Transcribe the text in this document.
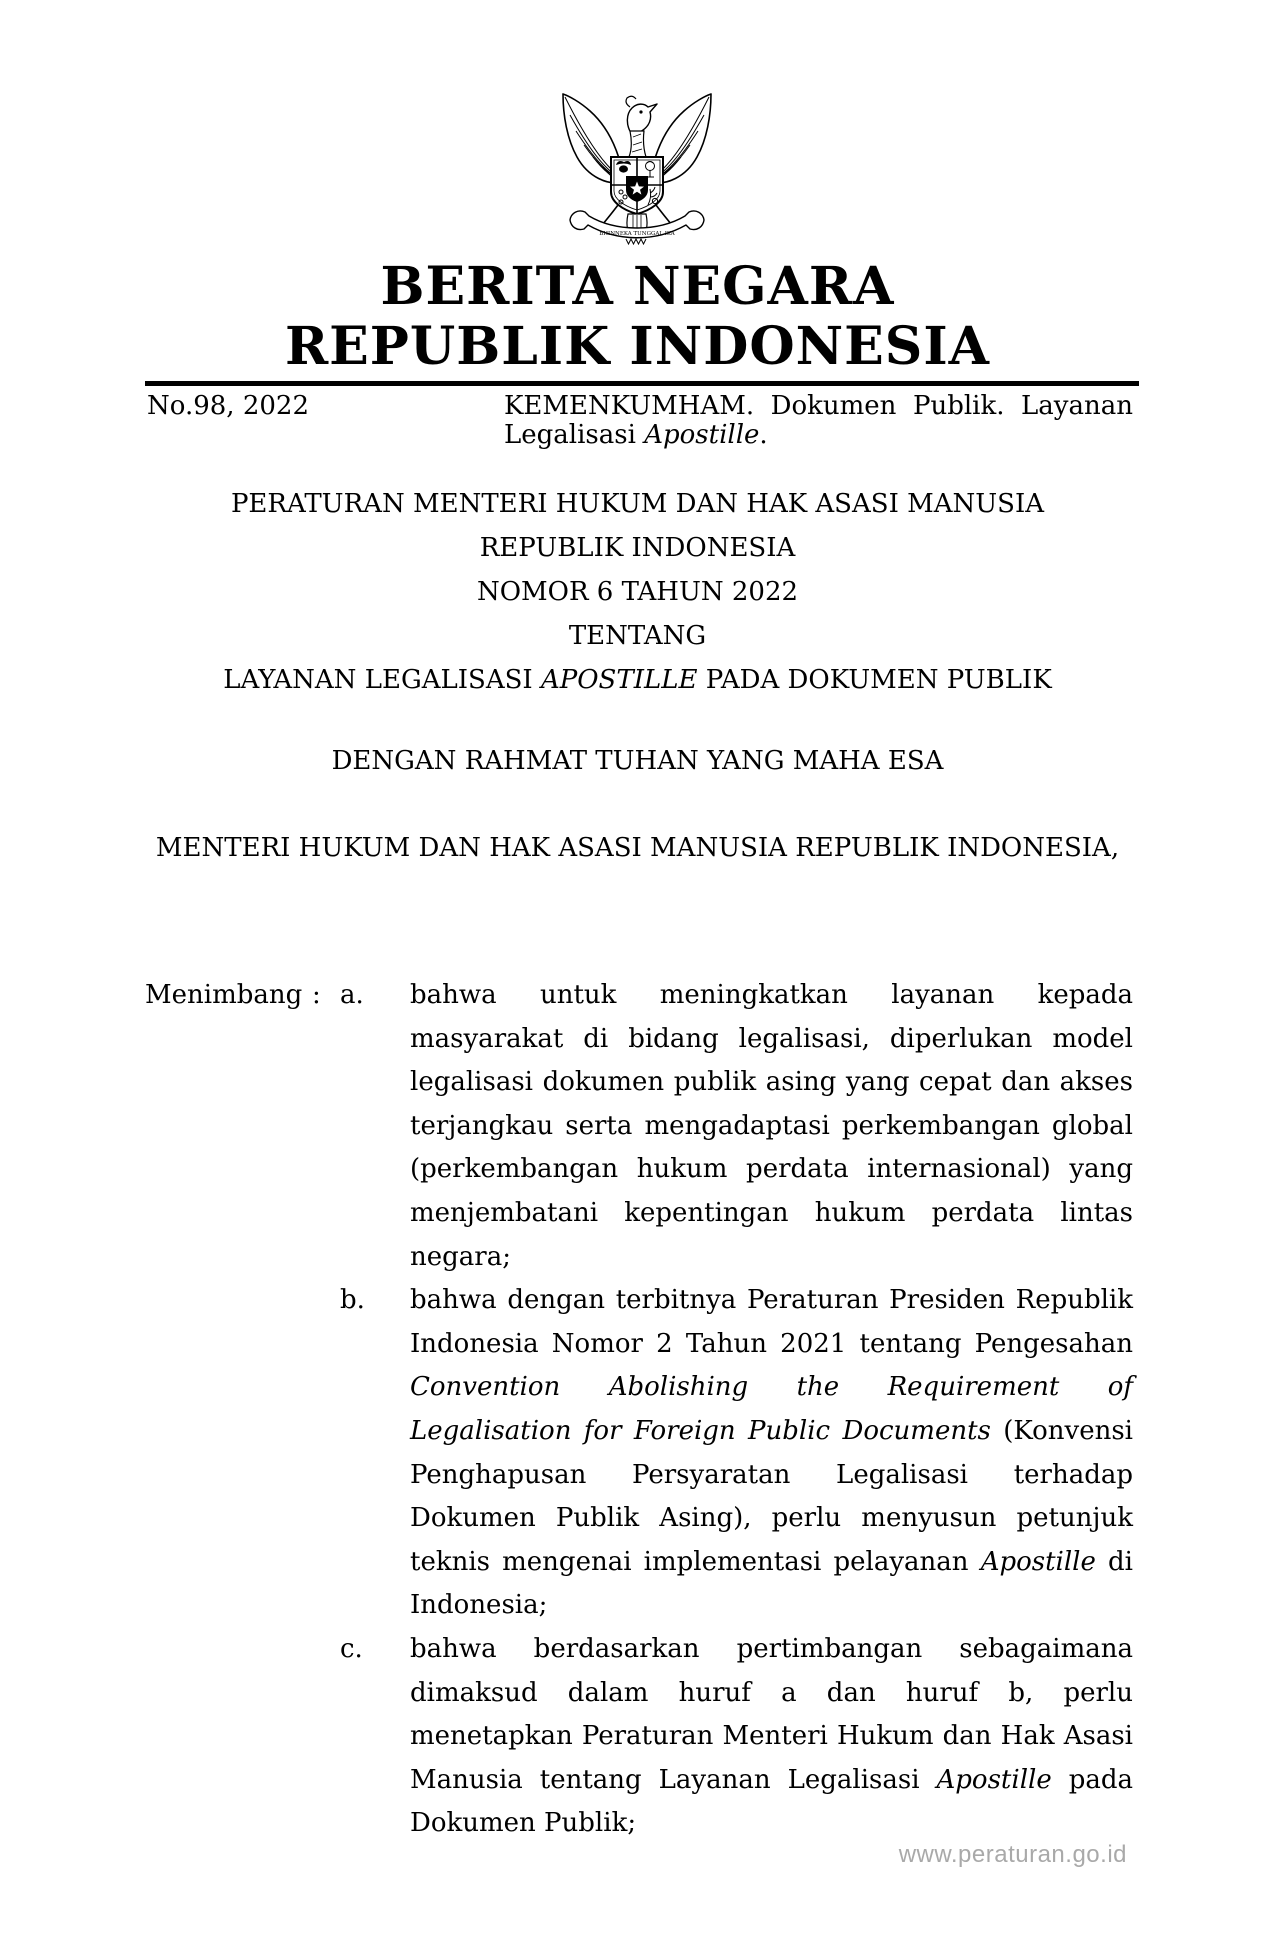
BHINNEKA TUNGGAL IKA
BERITA NEGARA
REPUBLIK INDONESIA
No.98, 2022	KEMENKUMHAM. Dokumen Publik. Layanan
Legalisasi Apostille.
PERATURAN MENTERI HUKUM DAN HAK ASASI MANUSIA
REPUBLIK INDONESIA
NOMOR 6 TAHUN 2022
TENTANG
LAYANAN LEGALISASI APOSTILLE PADA DOKUMEN PUBLIK
DENGAN RAHMAT TUHAN YANG MAHA ESA
MENTERI HUKUM DAN HAK ASASI MANUSIA REPUBLIK INDONESIA,
Menimbang : a.	bahwa untuk meningkatkan layanan kepada masyarakat di bidang legalisasi, diperlukan model legalisasi dokumen publik asing yang cepat dan akses terjangkau serta mengadaptasi perkembangan global (perkembangan hukum perdata internasional) yang menjembatani kepentingan hukum perdata lintas negara;
b.	bahwa dengan terbitnya Peraturan Presiden Republik Indonesia Nomor 2 Tahun 2021 tentang Pengesahan Convention Abolishing the Requirement of Legalisation for Foreign Public Documents (Konvensi Penghapusan Persyaratan Legalisasi terhadap Dokumen Publik Asing), perlu menyusun petunjuk teknis mengenai implementasi pelayanan Apostille di Indonesia;
c.	bahwa berdasarkan pertimbangan sebagaimana dimaksud dalam huruf a dan huruf b, perlu menetapkan Peraturan Menteri Hukum dan Hak Asasi Manusia tentang Layanan Legalisasi Apostille pada Dokumen Publik;
www.peraturan.go.id
